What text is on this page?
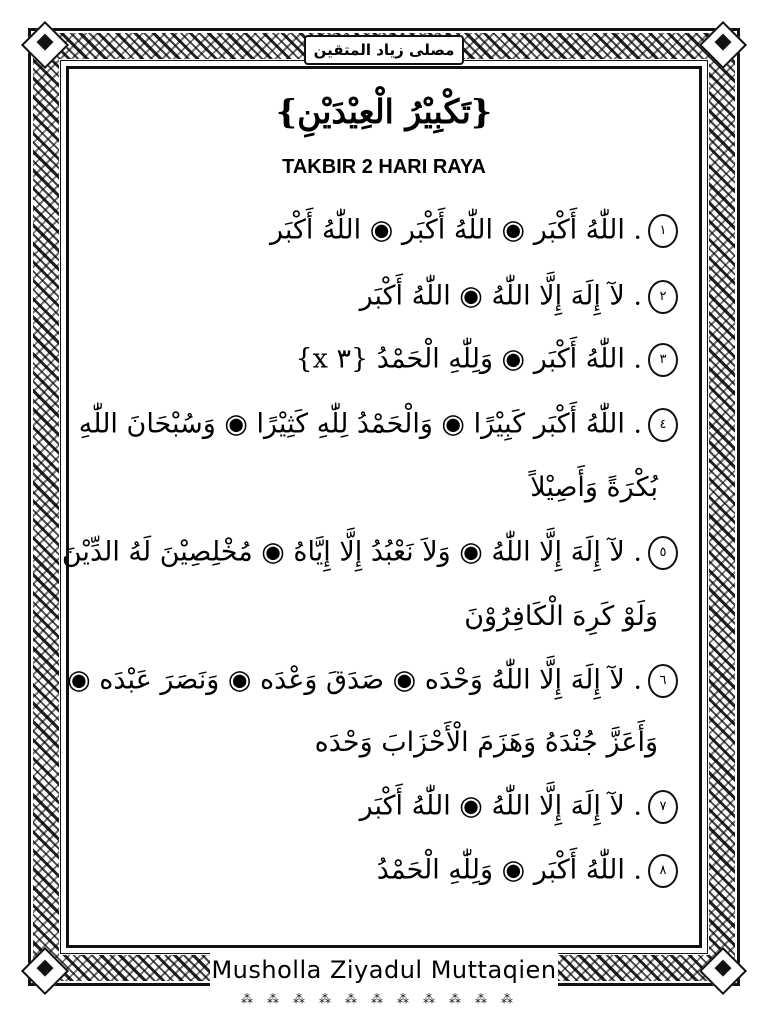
مصلى زياد المتقين
{تَكْبِيْرُ الْعِيْدَيْنِ}
TAKBIR 2 HARI RAYA
١. اللّٰهُ أَكْبَر ◉ اللّٰهُ أَكْبَر ◉ اللّٰهُ أَكْبَر
٢. لآ إِلَهَ إِلَّا اللّٰهُ ◉ اللّٰهُ أَكْبَر
٣. اللّٰهُ أَكْبَر ◉ وَلِلّٰهِ الْحَمْدُ {٣ x}
٤. اللّٰهُ أَكْبَر كَبِيْرًا ◉ وَالْحَمْدُ لِلّٰهِ كَثِيْرًا ◉ وَسُبْحَانَ اللّٰهِ
بُكْرَةً وَأَصِيْلاً
٥. لآ إِلَهَ إِلَّا اللّٰهُ ◉ وَلاَ نَعْبُدُ إِلَّا إِيَّاهُ ◉ مُخْلِصِيْنَ لَهُ الدِّيْنَ
وَلَوْ كَرِهَ الْكَافِرُوْنَ
٦. لآ إِلَهَ إِلَّا اللّٰهُ وَحْدَه ◉ صَدَقَ وَعْدَه ◉ وَنَصَرَ عَبْدَه ◉
وَأَعَزَّ جُنْدَهُ وَهَزَمَ الْأَحْزَابَ وَحْدَه
٧. لآ إِلَهَ إِلَّا اللّٰهُ ◉ اللّٰهُ أَكْبَر
٨. اللّٰهُ أَكْبَر ◉ وَلِلّٰهِ الْحَمْدُ
Musholla Ziyadul Muttaqien
⁂⁂⁂⁂⁂⁂⁂⁂⁂⁂⁂
